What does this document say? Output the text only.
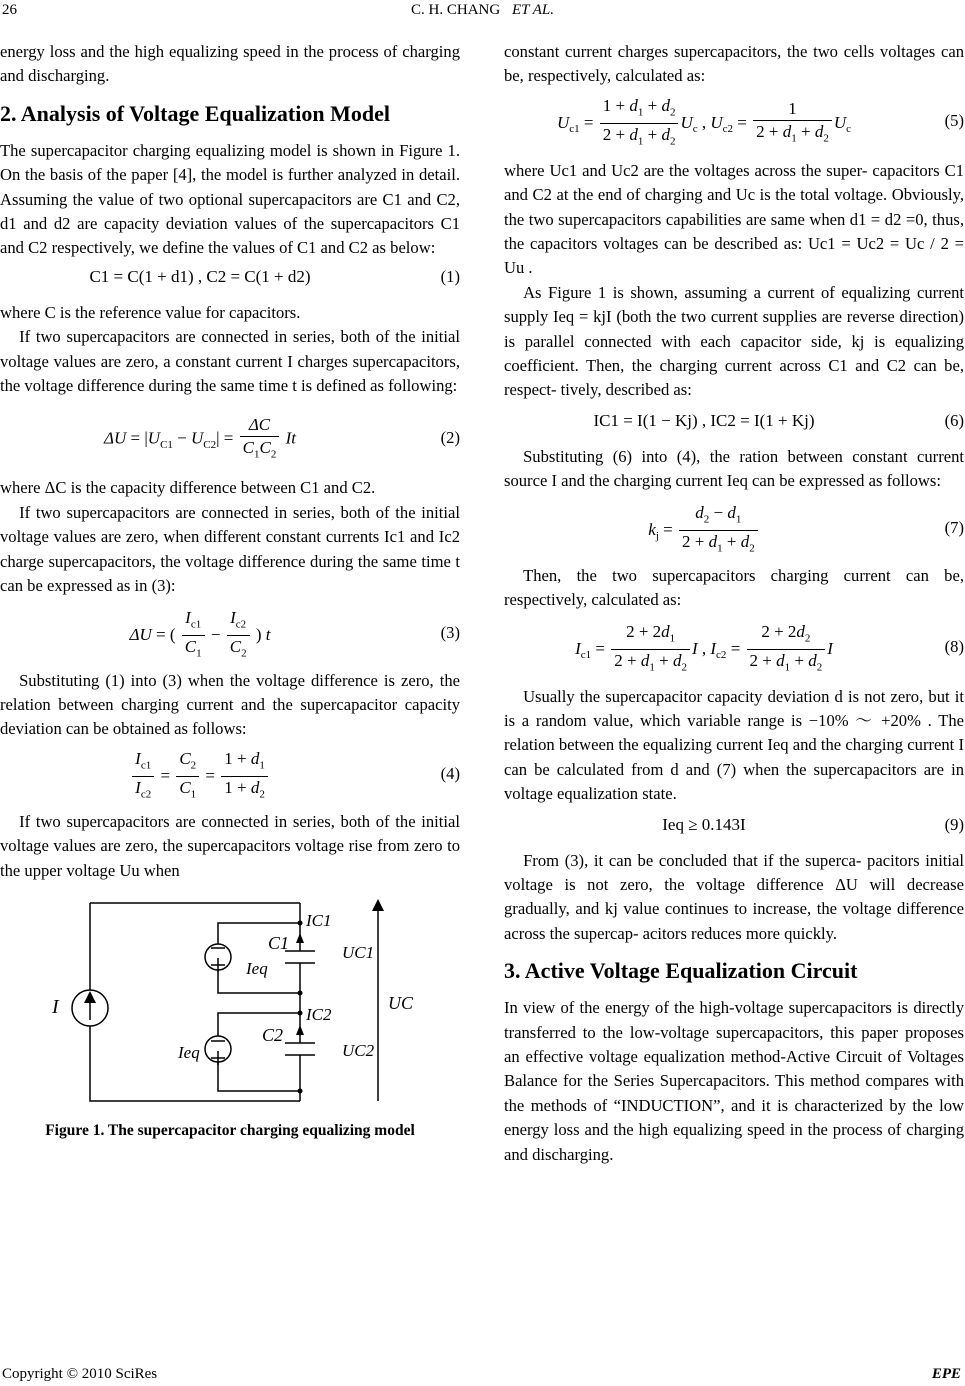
26	C. H. CHANG ET AL.

energy loss and the high equalizing speed in the process of charging and discharging.

2. Analysis of Voltage Equalization Model

The supercapacitor charging equalizing model is shown in Figure 1. On the basis of the paper [4], the model is further analyzed in detail. Assuming the value of two optional supercapacitors are C1 and C2, d1 and d2 are capacity deviation values of the supercapacitors C1 and C2 respectively, we define the values of C1 and C2 as below:

C1 = C(1 + d1) , C2 = C(1 + d2)	(1)

where C is the reference value for capacitors.

If two supercapacitors are connected in series, both of the initial voltage values are zero, a constant current I charges supercapacitors, the voltage difference during the same time t is defined as following:

$\Delta U = |U_{C1} - U_{C2}| = \frac{\Delta C}{C_1C_2}$ It	(2)

where ΔC is the capacity difference between C1 and C2.

If two supercapacitors are connected in series, both of the initial voltage values are zero, when different constant currents Ic1 and Ic2 charge supercapacitors, the voltage difference during the same time t can be expressed as in (3):

ΔU = ( $\frac{I_{c1}}{C_1} - \frac{I_{c2}}{C_2}$ ) t	(3)

Substituting (1) into (3) when the voltage difference is zero, the relation between charging current and the supercapacitor capacity deviation can be obtained as follows:

$\frac{I_{c1}}{I_{c2}} = \frac{C_2}{C_1} = \frac{1 + d_1}{1 + d_2}$	(4)

If two supercapacitors are connected in series, both of the initial voltage values are zero, the supercapacitors voltage rise from zero to the upper voltage Uu when

I
IC1
C1	UC1
Ieq
UC
IC2
C2
UC2
Ieq
Figure 1. The supercapacitor charging equalizing model

constant current charges supercapacitors, the two cells voltages can be, respectively, calculated as:

$U_{c1} = \frac{1 + d_1 + d_2}{2 + d_1 + d_2} U_c$ , $U_{c2} = \frac{1}{2 + d_1 + d_2} U_c$	(5)

where Uc1 and Uc2 are the voltages across the super- capacitors C1 and C2 at the end of charging and Uc is the total voltage. Obviously, the two supercapacitors capabilities are same when d1 = d2 =0, thus, the capacitors voltages can be described as: Uc1 = Uc2 = Uc / 2 = Uu .

As Figure 1 is shown, assuming a current of equalizing current supply Ieq = kjI (both the two current supplies are reverse direction) is parallel connected with each capacitor side, kj is equalizing coefficient. Then, the charging current across C1 and C2 can be, respect- tively, described as:

IC1 = I(1 − Kj) , IC2 = I(1 + Kj)	(6)

Substituting (6) into (4), the ration between constant current source I and the charging current Ieq can be expressed as follows:

$k_j = \frac{d_2 - d_1}{2 + d_1 + d_2}$	(7)

Then, the two supercapacitors charging current can be, respectively, calculated as:

$I_{c1} = \frac{2 + 2d_1}{2 + d_1 + d_2}$ I , $I_{c2} = \frac{2 + 2d_2}{2 + d_1 + d_2}$ I	(8)

Usually the supercapacitor capacity deviation d is not zero, but it is a random value, which variable range is −10% ～ +20% . The relation between the equalizing current Ieq and the charging current I can be calculated from d and (7) when the supercapacitors are in voltage equalization state.

Ieq ≥ 0.143I	(9)

From (3), it can be concluded that if the superca- pacitors initial voltage is not zero, the voltage difference ΔU will decrease gradually, and kj value continues to increase, the voltage difference across the supercap- acitors reduces more quickly.

3. Active Voltage Equalization Circuit

In view of the energy of the high-voltage supercapacitors is directly transferred to the low-voltage supercapacitors, this paper proposes an effective voltage equalization method-Active Circuit of Voltages Balance for the Series Supercapacitors. This method compares with the methods of “INDUCTION”, and it is characterized by the low energy loss and the high equalizing speed in the process of charging and discharging.

Copyright © 2010 SciRes	EPE
